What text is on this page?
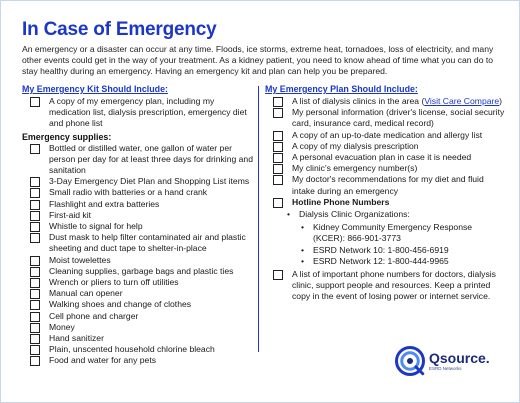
In Case of Emergency
An emergency or a disaster can occur at any time. Floods, ice storms, extreme heat, tornadoes, loss of electricity, and many other events could get in the way of your treatment. As a kidney patient, you need to know ahead of time what you can do to stay healthy during an emergency. Having an emergency kit and plan can help you be prepared.
My Emergency Kit Should Include:
A copy of my emergency plan, including my medication list, dialysis prescription, emergency diet and phone list
Emergency supplies:
Bottled or distilled water, one gallon of water per person per day for at least three days for drinking and sanitation
3-Day Emergency Diet Plan and Shopping List items
Small radio with batteries or a hand crank
Flashlight and extra batteries
First-aid kit
Whistle to signal for help
Dust mask to help filter contaminated air and plastic sheeting and duct tape to shelter-in-place
Moist towelettes
Cleaning supplies, garbage bags and plastic ties
Wrench or pliers to turn off utilities
Manual can opener
Walking shoes and change of clothes
Cell phone and charger
Money
Hand sanitizer
Plain, unscented household chlorine bleach
Food and water for any pets
My Emergency Plan Should Include:
A list of dialysis clinics in the area (Visit Care Compare)
My personal information (driver's license, social security card, insurance card, medical record)
A copy of an up-to-date medication and allergy list
A copy of my dialysis prescription
A personal evacuation plan in case it is needed
My clinic's emergency number(s)
My doctor's recommendations for my diet and fluid intake during an emergency
Hotline Phone Numbers
• Dialysis Clinic Organizations:
• Kidney Community Emergency Response (KCER): 866-901-3773
• ESRD Network 10: 1-800-456-6919
• ESRD Network 12: 1-800-444-9965
A list of important phone numbers for doctors, dialysis clinic, support people and resources. Keep a printed copy in the event of losing power or internet service.
Qsource.
ESRD Networks
